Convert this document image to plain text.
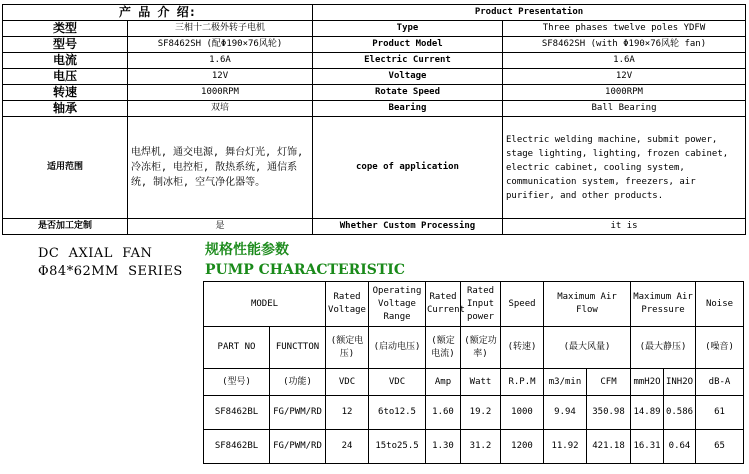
产 品 介 绍:		Product Presentation	
类型	三相十二极外转子电机	Type	Three phases twelve poles YDFW
型号	SF8462SH (配Φ190×76风轮)	Product Model	SF8462SH (with Φ190×76风轮 fan)
电流	1.6A	Electric Current	1.6A
电压	12V	Voltage	12V
转速	1000RPM	Rotate Speed	1000RPM
轴承	双培	Bearing	Ball Bearing
适用范围	电焊机, 通交电源, 舞台灯光, 灯饰, 冷冻柜, 电控柜, 散热系统, 通信系统, 制冰柜, 空气净化器等。	cope of application	Electric welding machine, submit power, stage lighting, lighting, frozen cabinet, electric cabinet, cooling system, communication system, freezers, air purifier, and other products.
是否加工定制	是	Whether Custom Processing	it is
DC  AXIAL  FAN
Φ84*62MM  SERIES
规格性能参数
PUMP CHARACTERISTIC
MODEL		Rated Voltage	Operating Voltage Range	Rated Current	Rated Input power	Speed	Maximum Air Flow		Maximum Air Pressure		Noise
PART NO	FUNCTTON	(额定电压)	(启动电压)	(额定电流)	(额定功率)	(转速)	(最大风量)		(最大静压)		(噪音)
(型号)	(功能)	VDC	VDC	Amp	Watt	R.P.M	m3/min	CFM	mmH2O	INH2O	dB-A
SF8462BL	FG/PWM/RD	12	6to12.5	1.60	19.2	1000	9.94	350.98	14.89	0.586	61
SF8462BL	FG/PWM/RD	24	15to25.5	1.30	31.2	1200	11.92	421.18	16.31	0.64	65
